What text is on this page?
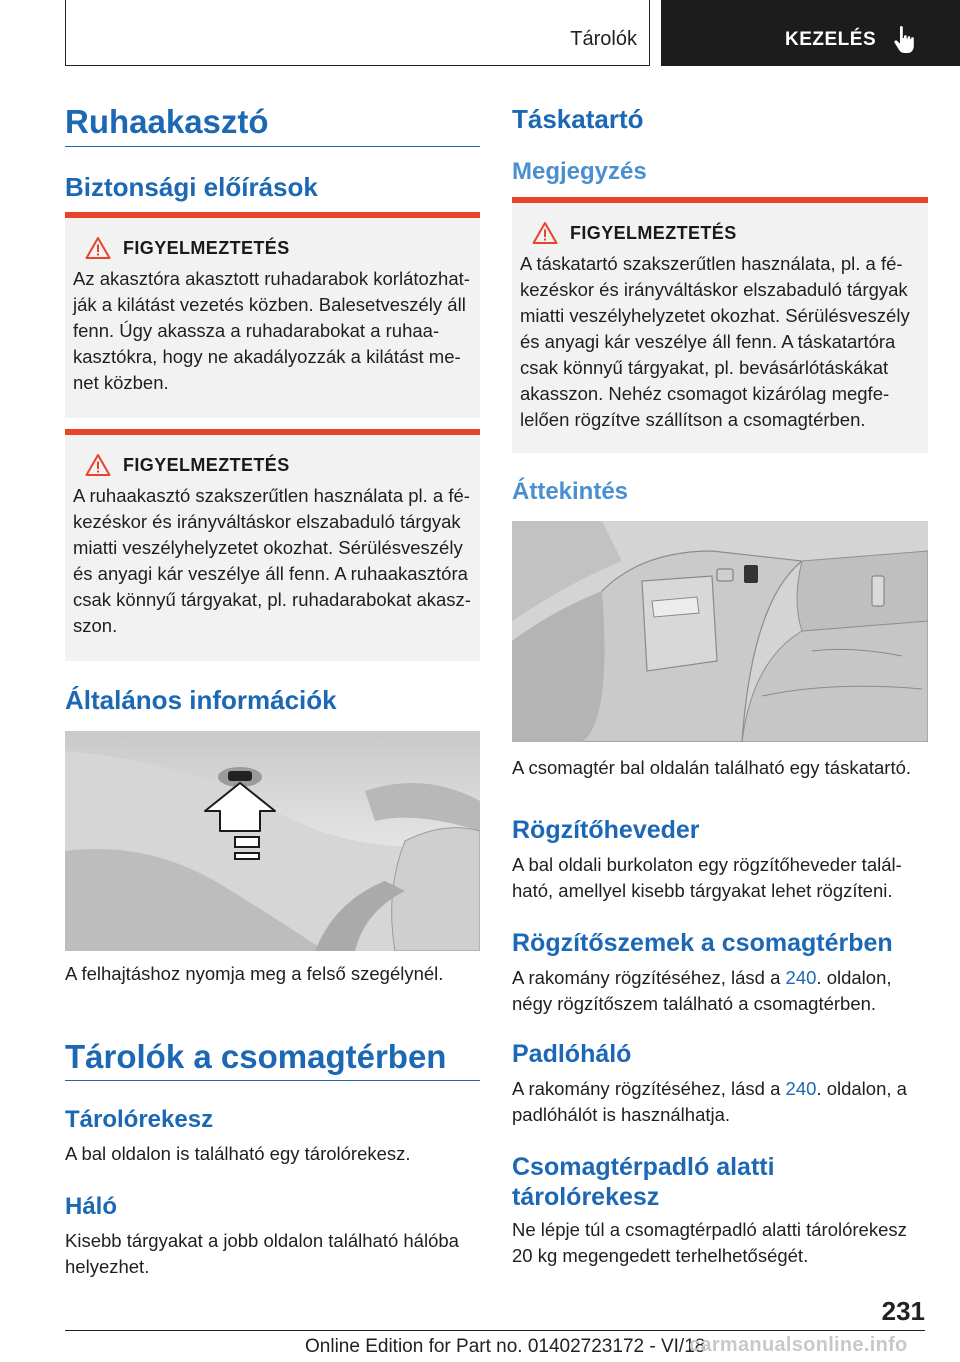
Tárolók	KEZELÉS
Ruhaakasztó
Biztonsági előírások
FIGYELMEZTETÉS
Az akasztóra akasztott ruhadarabok korlátozhat-ják a kilátást vezetés közben. Balesetveszély áll fenn. Úgy akassza a ruhadarabokat a ruhaa-kasztókra, hogy ne akadályozzák a kilátást me-net közben.
FIGYELMEZTETÉS
A ruhaakasztó szakszerűtlen használata pl. a fé-kezéskor és irányváltáskor elszabaduló tárgyak miatti veszélyhelyzetet okozhat. Sérülésveszély és anyagi kár veszélye áll fenn. A ruhaakasztóra csak könnyű tárgyakat, pl. ruhadarabokat akasz-szon.
Általános információk
A felhajtáshoz nyomja meg a felső szegélynél.
Tárolók a csomagtérben
Tárolórekesz
A bal oldalon is található egy tárolórekesz.
Háló
Kisebb tárgyakat a jobb oldalon található hálóba helyezhet.
Táskatartó
Megjegyzés
FIGYELMEZTETÉS
A táskatartó szakszerűtlen használata, pl. a fé-kezéskor és irányváltáskor elszabaduló tárgyak miatti veszélyhelyzetet okozhat. Sérülésveszély és anyagi kár veszélye áll fenn. A táskatartóra csak könnyű tárgyakat, pl. bevásárlótáskákat akasszon. Nehéz csomagot kizárólag megfe-lelően rögzítve szállítson a csomagtérben.
Áttekintés
A csomagtér bal oldalán található egy táskatartó.
Rögzítőheveder
A bal oldali burkolaton egy rögzítőheveder talál-ható, amellyel kisebb tárgyakat lehet rögzíteni.
Rögzítőszemek a csomagtérben
A rakomány rögzítéséhez, lásd a 240. oldalon, négy rögzítőszem található a csomagtérben.
Padlóháló
A rakomány rögzítéséhez, lásd a 240. oldalon, a padlóhálót is használhatja.
Csomagtérpadló alatti tárolórekesz
Ne lépje túl a csomagtérpadló alatti tárolórekesz 20 kg megengedett terhelhetőségét.
231
Online Edition for Part no. 01402723172 - VI/18
carmanualsonline.info
